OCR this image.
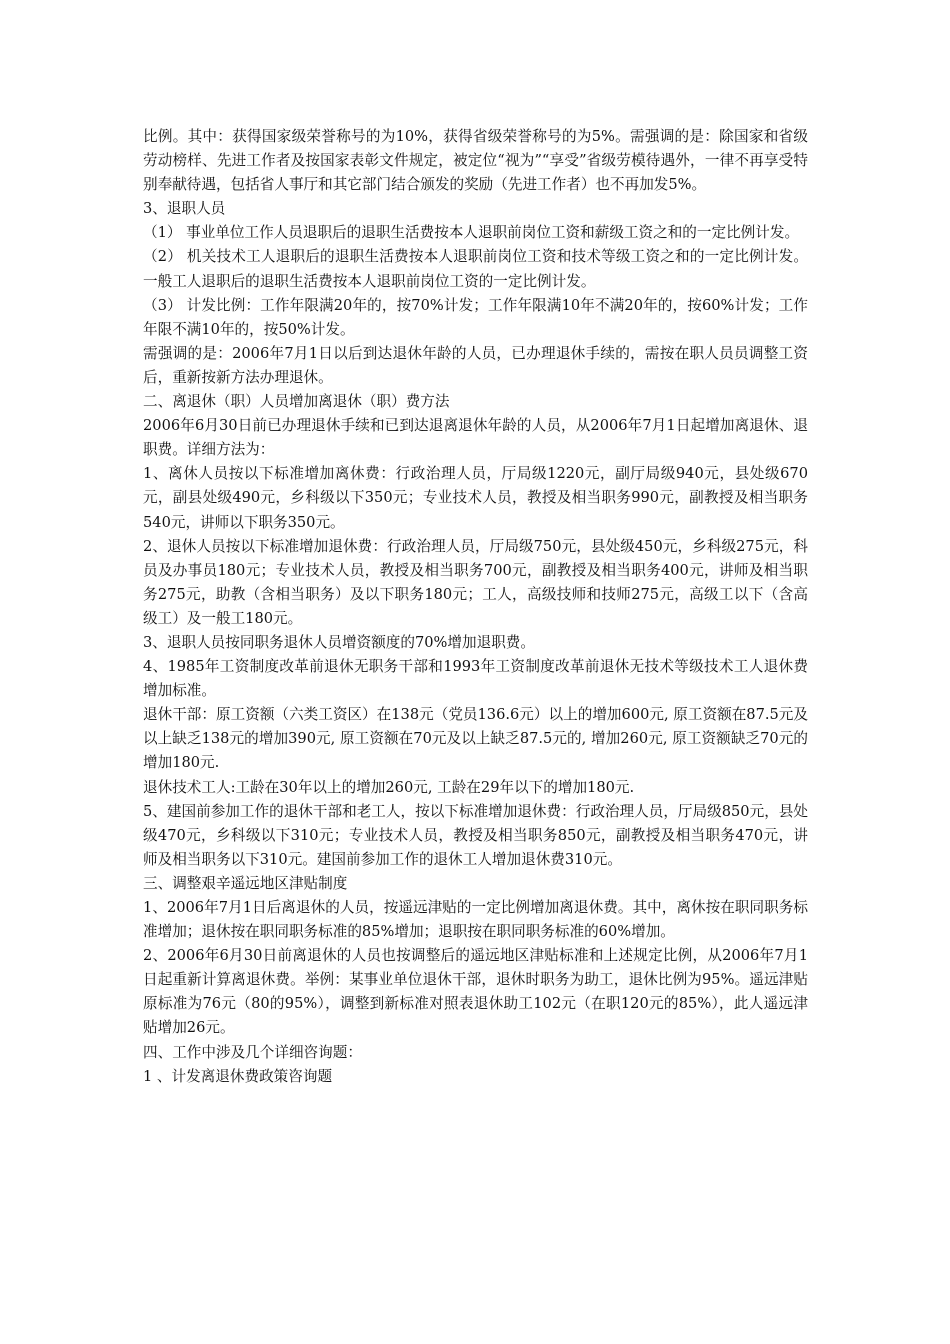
比例。其中：获得国家级荣誉称号的为10%，获得省级荣誉称号的为5%。需强调的是：除国家和省级劳动榜样、先进工作者及按国家表彰文件规定，被定位“视为”“享受”省级劳模待遇外，一律不再享受特别奉献待遇，包括省人事厅和其它部门结合颁发的奖励（先进工作者）也不再加发5%。

3、退职人员

（1） 事业单位工作人员退职后的退职生活费按本人退职前岗位工资和薪级工资之和的一定比例计发。

（2） 机关技术工人退职后的退职生活费按本人退职前岗位工资和技术等级工资之和的一定比例计发。一般工人退职后的退职生活费按本人退职前岗位工资的一定比例计发。

（3） 计发比例：工作年限满20年的，按70%计发；工作年限满10年不满20年的，按60%计发；工作年限不满10年的，按50%计发。

需强调的是：2006年7月1日以后到达退休年龄的人员，已办理退休手续的，需按在职人员员调整工资后，重新按新方法办理退休。

二、离退休（职）人员增加离退休（职）费方法

2006年6月30日前已办理退休手续和已到达退离退休年龄的人员，从2006年7月1日起增加离退休、退职费。详细方法为：

1、离休人员按以下标准增加离休费：行政治理人员，厅局级1220元，副厅局级940元，县处级670元，副县处级490元，乡科级以下350元；专业技术人员，教授及相当职务990元，副教授及相当职务540元，讲师以下职务350元。

2、退休人员按以下标准增加退休费：行政治理人员，厅局级750元，县处级450元，乡科级275元，科员及办事员180元；专业技术人员，教授及相当职务700元，副教授及相当职务400元，讲师及相当职务275元，助教（含相当职务）及以下职务180元；工人，高级技师和技师275元，高级工以下（含高级工）及一般工180元。

3、退职人员按同职务退休人员增资额度的70%增加退职费。

4、1985年工资制度改革前退休无职务干部和1993年工资制度改革前退休无技术等级技术工人退休费增加标准。

退休干部：原工资额（六类工资区）在138元（党员136.6元）以上的增加600元, 原工资额在87.5元及以上缺乏138元的增加390元, 原工资额在70元及以上缺乏87.5元的, 增加260元, 原工资额缺乏70元的增加180元.

退休技术工人:工龄在30年以上的增加260元, 工龄在29年以下的增加180元.

5、建国前参加工作的退休干部和老工人，按以下标准增加退休费：行政治理人员，厅局级850元，县处级470元，乡科级以下310元；专业技术人员，教授及相当职务850元，副教授及相当职务470元，讲师及相当职务以下310元。建国前参加工作的退休工人增加退休费310元。

三、调整艰辛遥远地区津贴制度

1、2006年7月1日后离退休的人员，按遥远津贴的一定比例增加离退休费。其中，离休按在职同职务标准增加；退休按在职同职务标准的85%增加；退职按在职同职务标准的60%增加。

2、2006年6月30日前离退休的人员也按调整后的遥远地区津贴标准和上述规定比例，从2006年7月1日起重新计算离退休费。举例：某事业单位退休干部，退休时职务为助工，退休比例为95%。遥远津贴原标准为76元（80的95%），调整到新标准对照表退休助工102元（在职120元的85%），此人遥远津贴增加26元。

四、工作中涉及几个详细咨询题：

1 、计发离退休费政策咨询题
